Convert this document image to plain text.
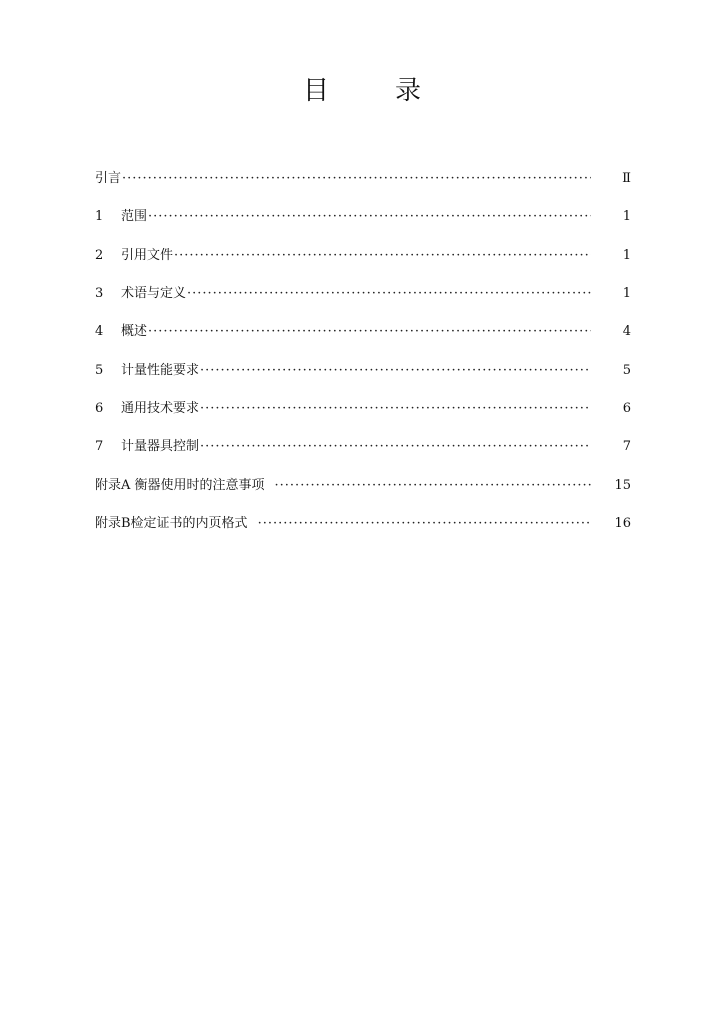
目	录
引言 ·····	Ⅱ
1	范围 ·····	1
2	引用文件 ·····	1
3	术语与定义 ·····	1
4	概述 ·····	4
5	计量性能要求 ·····	5
6	通用技术要求 ·····	6
7	计量器具控制 ·····	7
附录A 衡器使用时的注意事项 ·····	15
附录B检定证书的内页格式 ·····	16
